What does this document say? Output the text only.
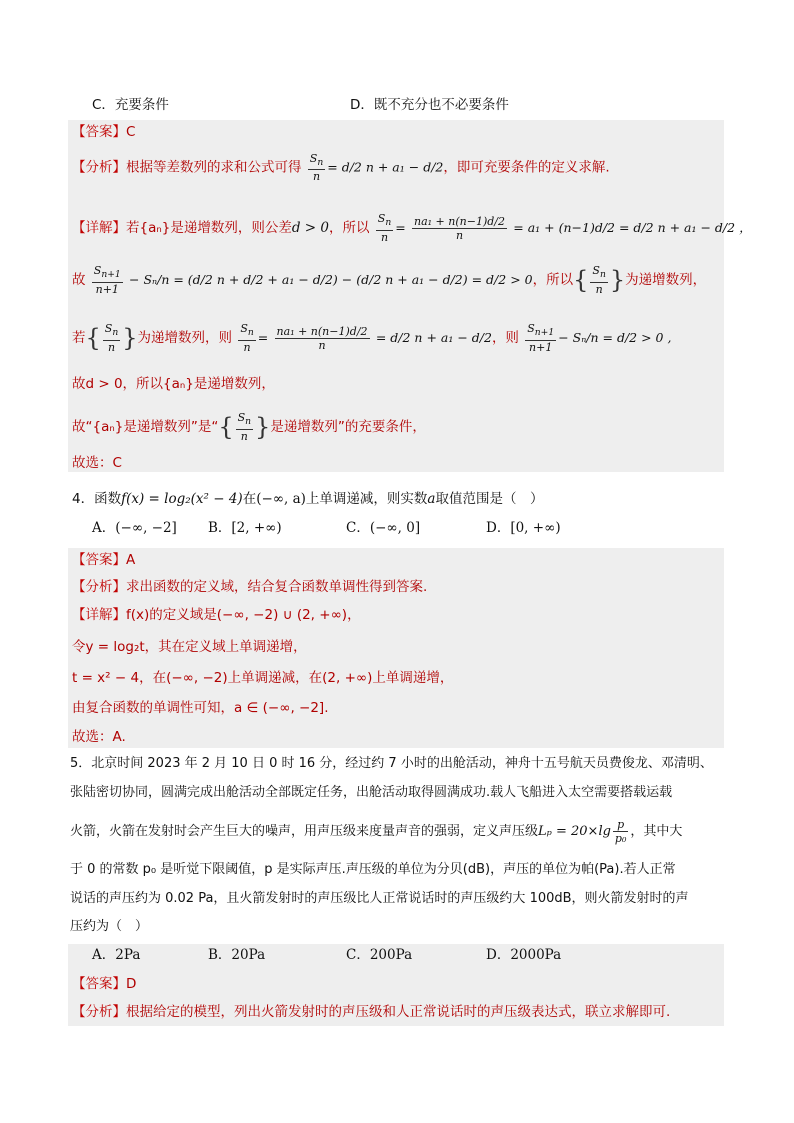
C．充要条件	D．既不充分也不必要条件
【答案】C
【分析】根据等差数列的求和公式可得 $\frac{S_n}{n} = d/2$ n + a₁ − d/2，即可充要条件的定义求解.
【详解】若{aₙ}是递增数列，则公差d > 0，所以 $\frac{S_n}{n} = \frac{\text{na₁ + n(n−1)d/2}}{n} = a_1 + (n-1)d/2 = d/2$ n + a₁ − d/2 ，
故 $\frac{S_{n+1}}{n+1} - S_n/n = (d/2$ n + d/2 + a₁ − d/2) − (d/2 n + a₁ − d/2) = d/2 > 0，所以{ $\frac{S_n}{n}$ }为递增数列，
若{ $\frac{S_n}{n}$ }为递增数列，则 $\frac{S_n}{n} = \frac{\text{na₁ + n(n−1)d/2}}{n} = d/2$ n + a₁ − d/2，则 $\frac{S_{n+1}}{n+1} - S_n/n = d/2 > 0$ ,
故d > 0，所以{aₙ}是递增数列，
故“{aₙ}是递增数列”是“{ $\frac{S_n}{n}$ }是递增数列”的充要条件，
故选：C
4．函数f(x) = log₂(x² − 4)在(−∞, a)上单调递减，则实数a取值范围是（　）
A．(−∞, −2] B．[2, +∞)	C．(−∞, 0]	D．[0, +∞)
【答案】A
【分析】求出函数的定义域，结合复合函数单调性得到答案.
【详解】f(x)的定义域是(−∞, −2) ∪ (2, +∞)，
令y = log₂t，其在定义域上单调递增，
t = x² − 4，在(−∞, −2)上单调递减，在(2, +∞)上单调递增，
由复合函数的单调性可知，a ∈ (−∞, −2].
故选：A.
5．北京时间 2023 年 2 月 10 日 0 时 16 分，经过约 7 小时的出舱活动，神舟十五号航天员费俊龙、邓清明、
张陆密切协同，圆满完成出舱活动全部既定任务，出舱活动取得圆满成功.载人飞船进入太空需要搭载运载
火箭，火箭在发射时会产生巨大的噪声，用声压级来度量声音的强弱，定义声压级$L_p = 20\times\lg \frac{p}{\text{p₀}}$ ，其中大
于 0 的常数 p₀ 是听觉下限阈值，p 是实际声压.声压级的单位为分贝(dB)，声压的单位为帕(Pa).若人正常
说话的声压约为 0.02 Pa，且火箭发射时的声压级比人正常说话时的声压级约大 100dB，则火箭发射时的声
压约为（　）
A．2Pa	B．20Pa	C．200Pa	D．2000Pa
【答案】D
【分析】根据给定的模型，列出火箭发射时的声压级和人正常说话时的声压级表达式，联立求解即可.
